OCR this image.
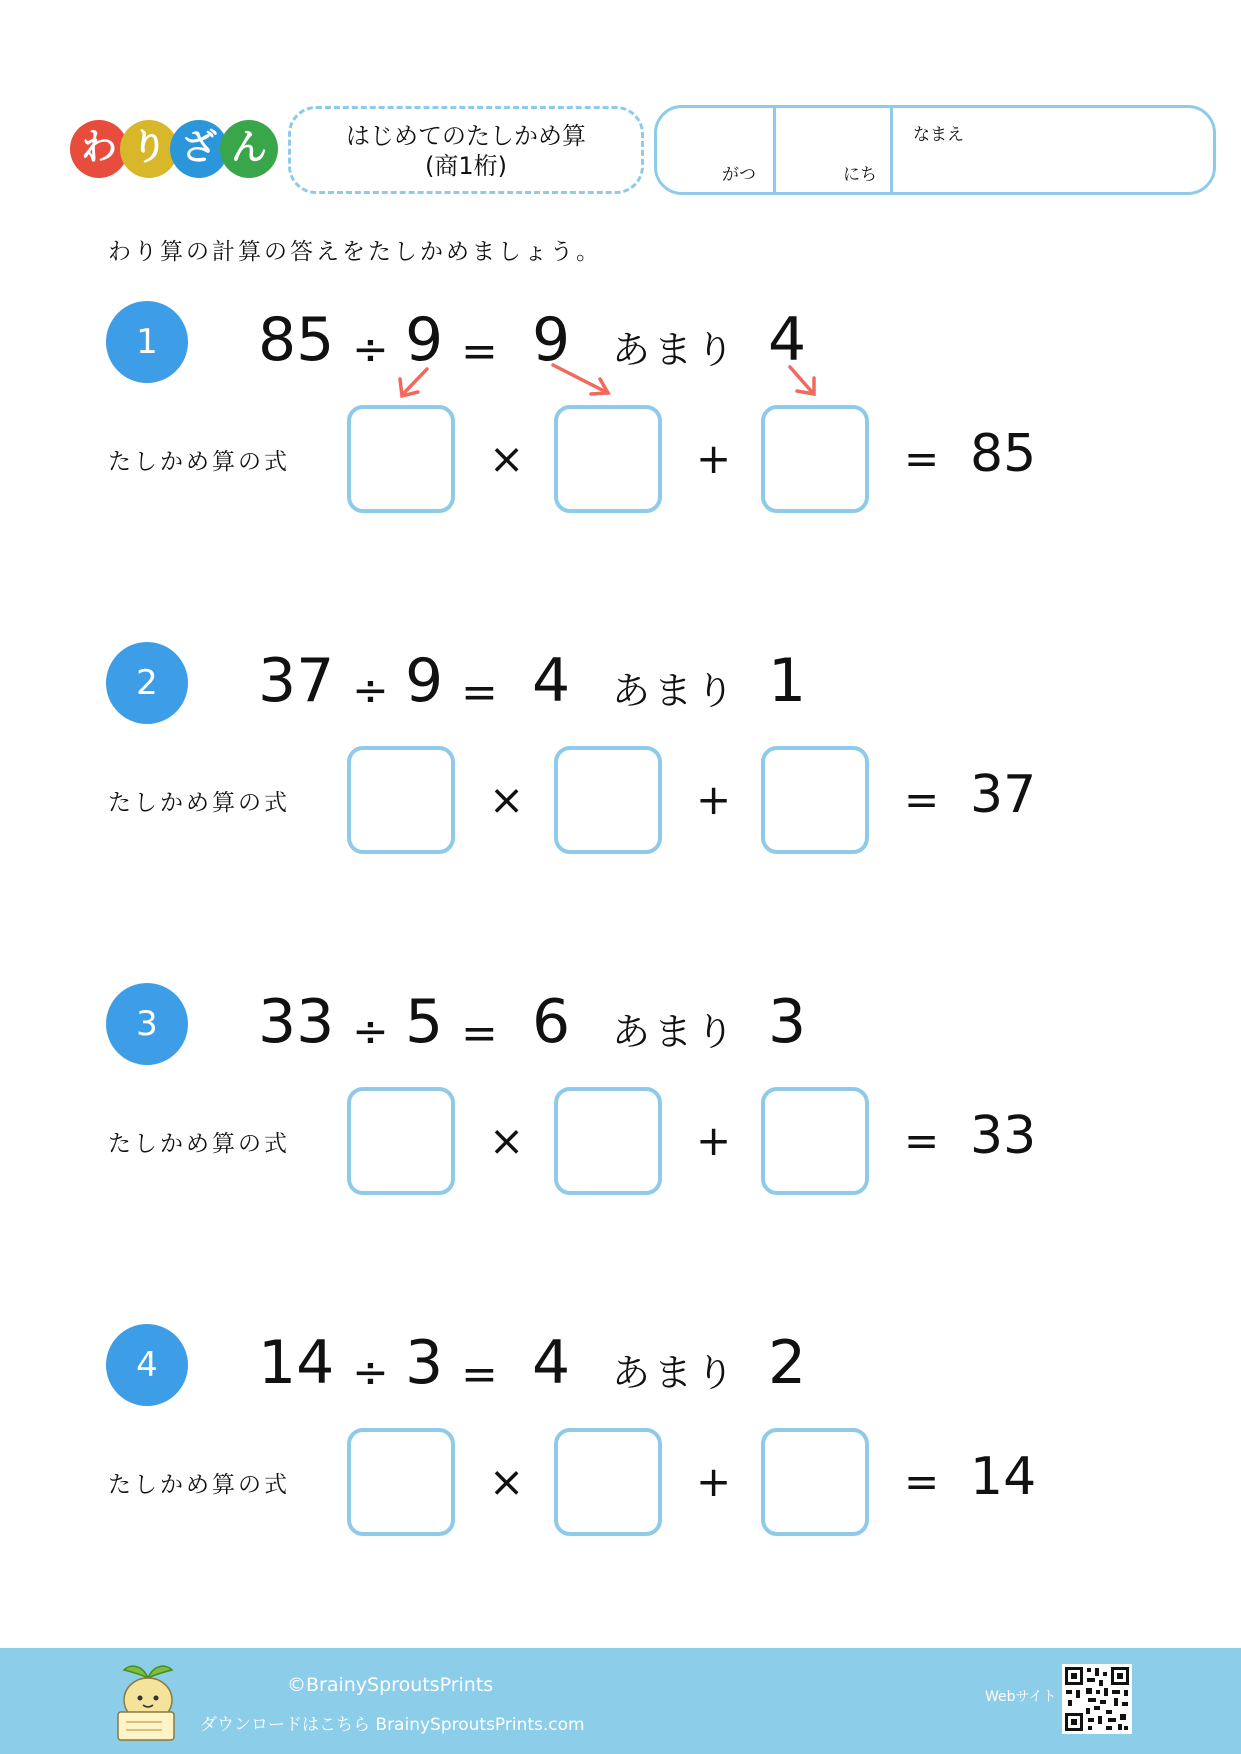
わ り ざ ん	はじめてのたしかめ算
(商1桁)	がつ	にち
なまえ
わり算の計算の答えをたしかめましょう。
1	85 ÷ 9 = 9 あまり 4
たしかめ算の式	×	+	= 85
2	37 ÷ 9 = 4 あまり 1
たしかめ算の式	×	+	= 37
3	33 ÷ 5 = 6 あまり 3
たしかめ算の式	×	+	= 33
4	14 ÷ 3 = 4 あまり 2
たしかめ算の式	×	+	= 14
©BrainySproutsPrints
ダウンロードはこちら BrainySproutsPrints.com
Webサイト
